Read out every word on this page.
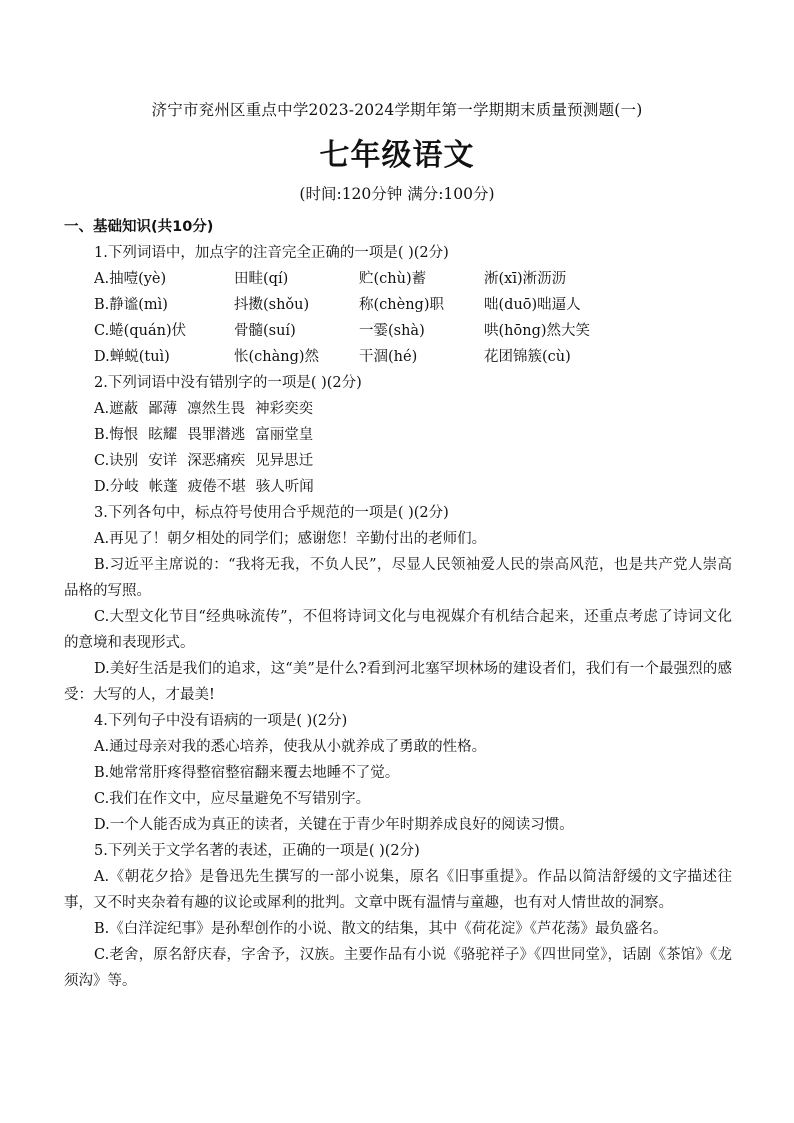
济宁市兖州区重点中学2023-2024学期年第一学期期末质量预测题(一)
七年级语文
(时间:120分钟 满分:100分)
一、基础知识(共10分)
1.下列词语中，加点字的注音完全正确的一项是( )(2分)
A.抽噎(yè)	田畦(qí)	贮(chù)蓄	淅(xī)淅沥沥
B.静谧(mì)	抖擞(shǒu)	称(chèng)职	咄(duō)咄逼人
C.蜷(quán)伏	骨髓(suí)	一霎(shà)	哄(hōng)然大笑
D.蝉蜕(tuì)	怅(chàng)然	干涸(hé)	花团锦簇(cù)
2.下列词语中没有错别字的一项是( )(2分)
A.遮蔽 鄙薄 凛然生畏 神彩奕奕
B.悔恨 眩耀 畏罪潜逃 富丽堂皇
C.诀别 安详 深恶痛疾 见异思迁
D.分岐 帐蓬 疲倦不堪 骇人听闻
3.下列各句中，标点符号使用合乎规范的一项是( )(2分)
A.再见了！朝夕相处的同学们；感谢您！辛勤付出的老师们。
B.习近平主席说的：“我将无我，不负人民”，尽显人民领袖爱人民的崇高风范，也是共产党人崇高品格的写照。
C.大型文化节目“经典咏流传”，不但将诗词文化与电视媒介有机结合起来，还重点考虑了诗词文化的意境和表现形式。
D.美好生活是我们的追求，这“美”是什么?看到河北塞罕坝林场的建设者们，我们有一个最强烈的感受：大写的人，才最美!
4.下列句子中没有语病的一项是( )(2分)
A.通过母亲对我的悉心培养，使我从小就养成了勇敢的性格。
B.她常常肝疼得整宿整宿翻来覆去地睡不了觉。
C.我们在作文中，应尽量避免不写错别字。
D.一个人能否成为真正的读者，关键在于青少年时期养成良好的阅读习惯。
5.下列关于文学名著的表述，正确的一项是( )(2分)
A.《朝花夕拾》是鲁迅先生撰写的一部小说集，原名《旧事重提》。作品以简洁舒缓的文字描述往事，又不时夹杂着有趣的议论或犀利的批判。文章中既有温情与童趣，也有对人情世故的洞察。
B.《白洋淀纪事》是孙犁创作的小说、散文的结集，其中《荷花淀》《芦花荡》最负盛名。
C.老舍，原名舒庆春，字舍予，汉族。主要作品有小说《骆驼祥子》《四世同堂》，话剧《茶馆》《龙须沟》等。
